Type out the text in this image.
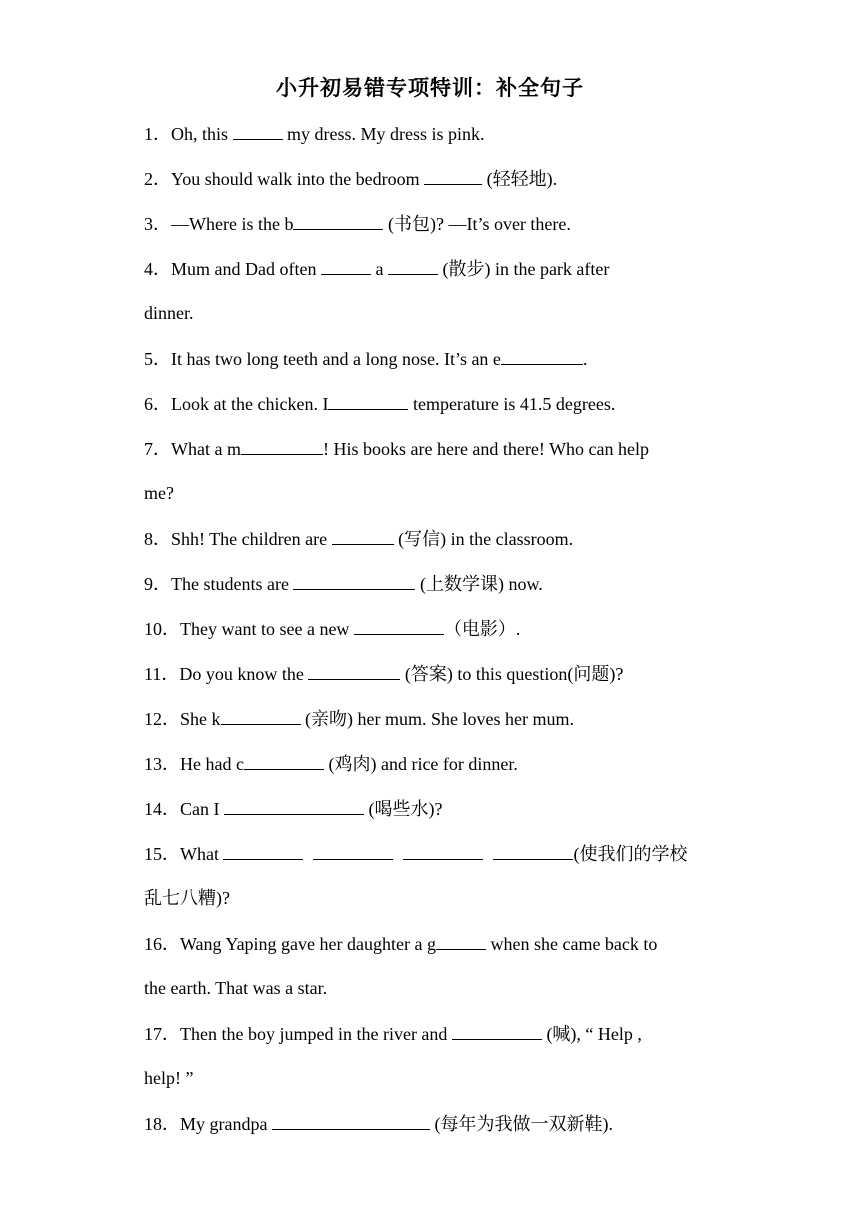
小升初易错专项特训：补全句子
1．Oh, this	my dress. My dress is pink.
2．You should walk into the bedroom	(轻轻地).
3．—Where is the b	(书包)? —It’s over there.
4．Mum and Dad often	a	(散步) in the park after
dinner.
5．It has two long teeth and a long nose. It’s an e	.
6．Look at the chicken. I	temperature is 41.5 degrees.
7．What a m	! His books are here and there! Who can help
me?
8．Shh! The children are	(写信) in the classroom.
9．The students are	(上数学课) now.
10．They want to see a new	（电影）.
11．Do you know the	(答案) to this question(问题)?
12．She k	(亲吻) her mum. She loves her mum.
13．He had c	(鸡肉) and rice for dinner.
14．Can I	(喝些水)?
15．What	(使我们的学校
乱七八糟)?
16．Wang Yaping gave her daughter a g	when she came back to
the earth. That was a star.
17．Then the boy jumped in the river and	(喊), “ Help ,
help! ”
18．My grandpa	(每年为我做一双新鞋).
